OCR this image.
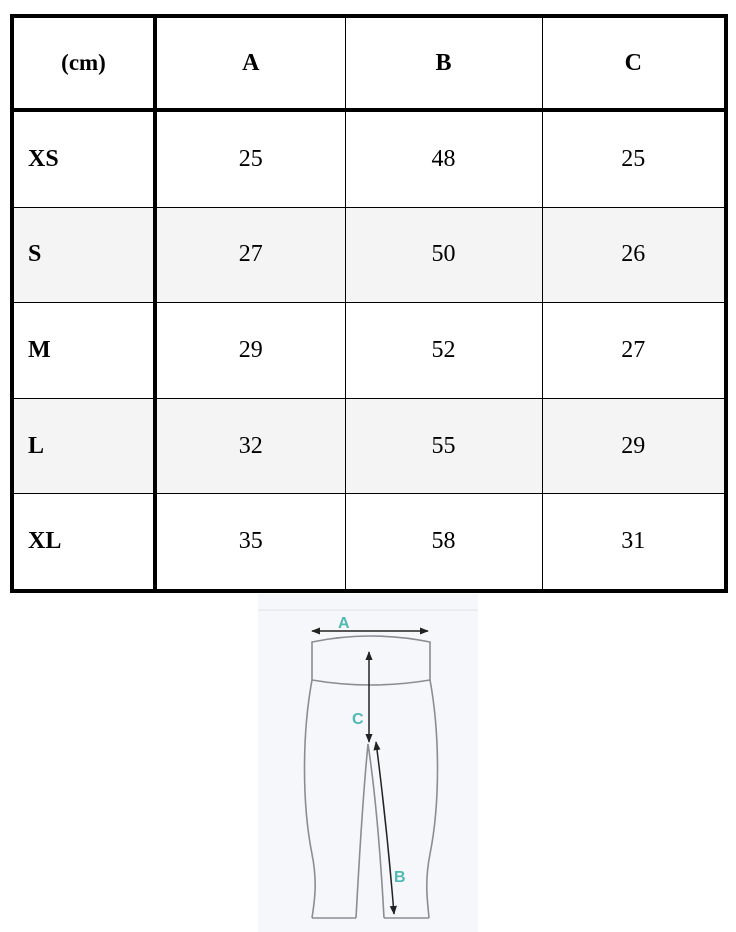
(cm)	A	B	C
XS	25	48	25
S	27	50	26
M	29	52	27
L	32	55	29
XL	35	58	31
A
C
B
